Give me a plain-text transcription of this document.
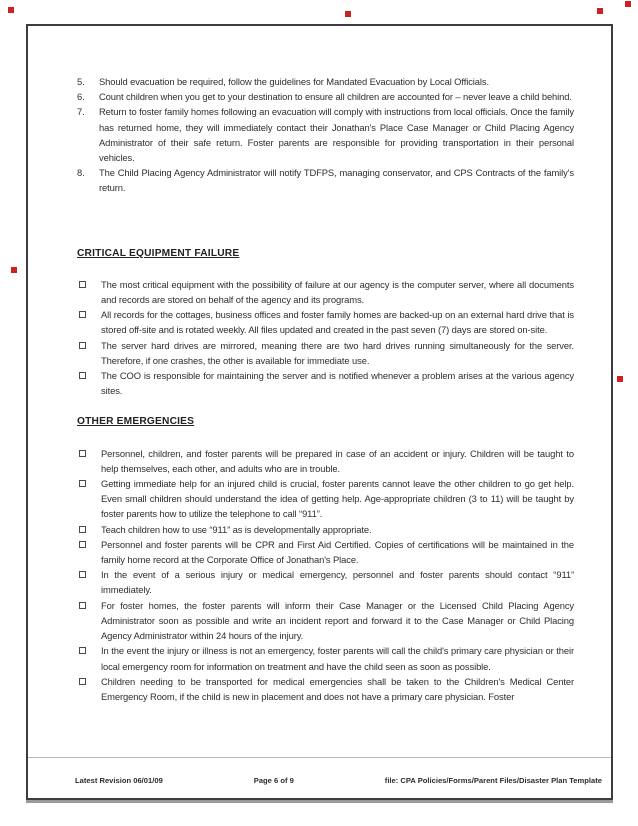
5. Should evacuation be required, follow the guidelines for Mandated Evacuation by Local Officials.
6. Count children when you get to your destination to ensure all children are accounted for – never leave a child behind.
7. Return to foster family homes following an evacuation will comply with instructions from local officials. Once the family has returned home, they will immediately contact their Jonathan's Place Case Manager or Child Placing Agency Administrator of their safe return. Foster parents are responsible for providing transportation in their personal vehicles.
8. The Child Placing Agency Administrator will notify TDFPS, managing conservator, and CPS Contracts of the family's return.
CRITICAL EQUIPMENT FAILURE
The most critical equipment with the possibility of failure at our agency is the computer server, where all documents and records are stored on behalf of the agency and its programs.
All records for the cottages, business offices and foster family homes are backed-up on an external hard drive that is stored off-site and is rotated weekly. All files updated and created in the past seven (7) days are stored on-site.
The server hard drives are mirrored, meaning there are two hard drives running simultaneously for the server. Therefore, if one crashes, the other is available for immediate use.
The COO is responsible for maintaining the server and is notified whenever a problem arises at the various agency sites.
OTHER EMERGENCIES
Personnel, children, and foster parents will be prepared in case of an accident or injury. Children will be taught to help themselves, each other, and adults who are in trouble.
Getting immediate help for an injured child is crucial, foster parents cannot leave the other children to go get help. Even small children should understand the idea of getting help. Age-appropriate children (3 to 11) will be taught by foster parents how to utilize the telephone to call “911”.
Teach children how to use “911” as is developmentally appropriate.
Personnel and foster parents will be CPR and First Aid Certified. Copies of certifications will be maintained in the family home record at the Corporate Office of Jonathan's Place.
In the event of a serious injury or medical emergency, personnel and foster parents should contact “911” immediately.
For foster homes, the foster parents will inform their Case Manager or the Licensed Child Placing Agency Administrator soon as possible and write an incident report and forward it to the Case Manager or Child Placing Agency Administrator within 24 hours of the injury.
In the event the injury or illness is not an emergency, foster parents will call the child's primary care physician or their local emergency room for information on treatment and have the child seen as soon as possible.
Children needing to be transported for medical emergencies shall be taken to the Children's Medical Center Emergency Room, if the child is new in placement and does not have a primary care physician. Foster
Latest Revision 06/01/09	Page 6 of 9	file: CPA Policies/Forms/Parent Files/Disaster Plan Template
